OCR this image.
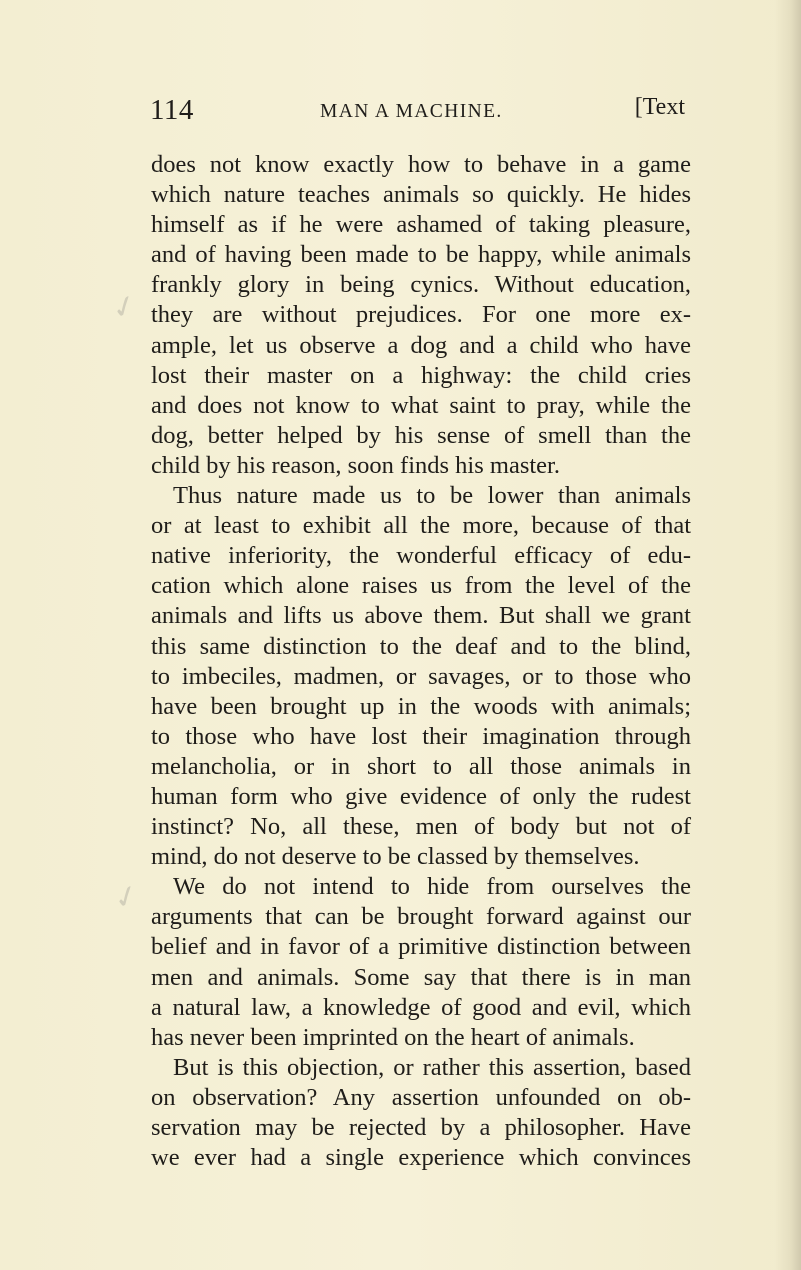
✓
✓
114	MAN A MACHINE.	[Text
does not know exactly how to behave in a game
which nature teaches animals so quickly. He hides
himself as if he were ashamed of taking pleasure,
and of having been made to be happy, while animals
frankly glory in being cynics. Without education,
they are without prejudices. For one more ex-
ample, let us observe a dog and a child who have
lost their master on a highway: the child cries
and does not know to what saint to pray, while the
dog, better helped by his sense of smell than the
child by his reason, soon finds his master.
Thus nature made us to be lower than animals
or at least to exhibit all the more, because of that
native inferiority, the wonderful efficacy of edu-
cation which alone raises us from the level of the
animals and lifts us above them. But shall we grant
this same distinction to the deaf and to the blind,
to imbeciles, madmen, or savages, or to those who
have been brought up in the woods with animals;
to those who have lost their imagination through
melancholia, or in short to all those animals in
human form who give evidence of only the rudest
instinct? No, all these, men of body but not of
mind, do not deserve to be classed by themselves.
We do not intend to hide from ourselves the
arguments that can be brought forward against our
belief and in favor of a primitive distinction between
men and animals. Some say that there is in man
a natural law, a knowledge of good and evil, which
has never been imprinted on the heart of animals.
But is this objection, or rather this assertion, based
on observation? Any assertion unfounded on ob-
servation may be rejected by a philosopher. Have
we ever had a single experience which convinces
